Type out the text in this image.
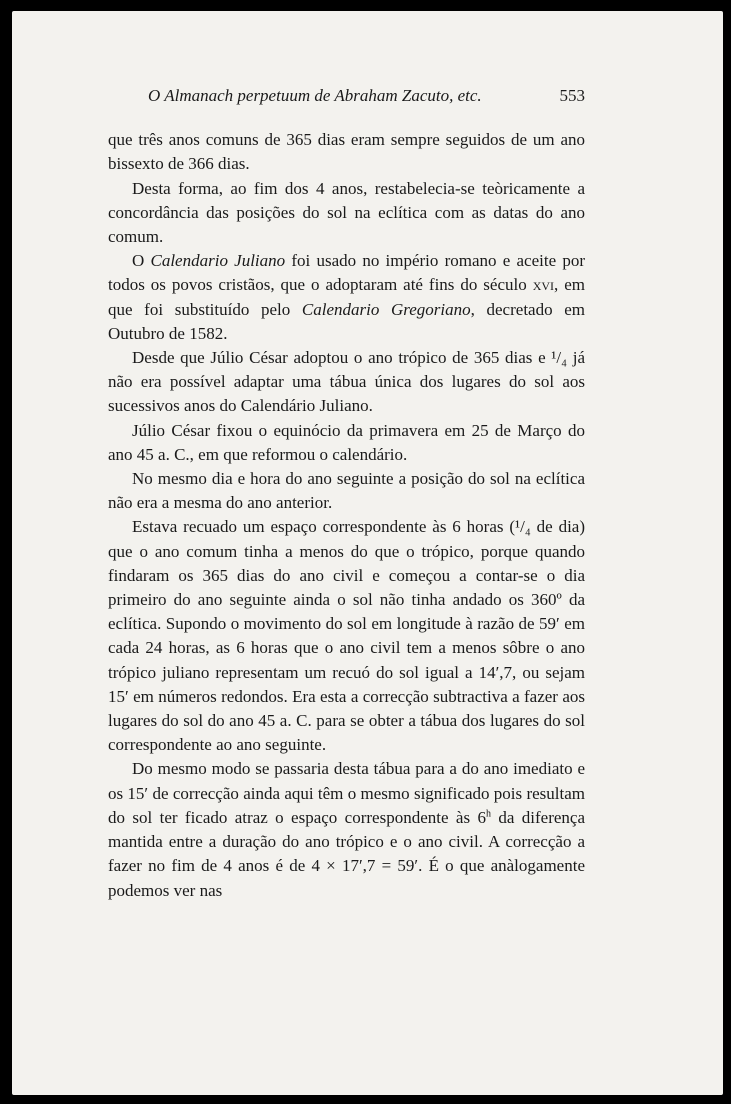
O Almanach perpetuum de Abraham Zacuto, etc.	553

que três anos comuns de 365 dias eram sempre seguidos de um ano bissexto de 366 dias.

Desta forma, ao fim dos 4 anos, restabelecia-se teòricamente a concordância das posições do sol na eclítica com as datas do ano comum.

O Calendario Juliano foi usado no império romano e aceite por todos os povos cristãos, que o adoptaram até fins do século xvi, em que foi substituído pelo Calendario Gregoriano, decretado em Outubro de 1582.

Desde que Júlio César adoptou o ano trópico de 365 dias e ¹/₄ já não era possível adaptar uma tábua única dos lugares do sol aos sucessivos anos do Calendário Juliano.

Júlio César fixou o equinócio da primavera em 25 de Março do ano 45 a. C., em que reformou o calendário.

No mesmo dia e hora do ano seguinte a posição do sol na eclítica não era a mesma do ano anterior.

Estava recuado um espaço correspondente às 6 horas (¹/₄ de dia) que o ano comum tinha a menos do que o trópico, porque quando findaram os 365 dias do ano civil e começou a contar-se o dia primeiro do ano seguinte ainda o sol não tinha andado os 360º da eclítica. Supondo o movimento do sol em longitude à razão de 59′ em cada 24 horas, as 6 horas que o ano civil tem a menos sôbre o ano trópico juliano representam um recuó do sol igual a 14′,7, ou sejam 15′ em números redondos. Era esta a correcção subtractiva a fazer aos lugares do sol do ano 45 a. C. para se obter a tábua dos lugares do sol correspondente ao ano seguinte.

Do mesmo modo se passaria desta tábua para a do ano imediato e os 15′ de correcção ainda aqui têm o mesmo significado pois resultam do sol ter ficado atraz o espaço correspondente às 6$^h$ da diferença mantida entre a duração do ano trópico e o ano civil. A correcção a fazer no fim de 4 anos é de 4 × 17′,7 = 59′. É o que anàlogamente podemos ver nas
